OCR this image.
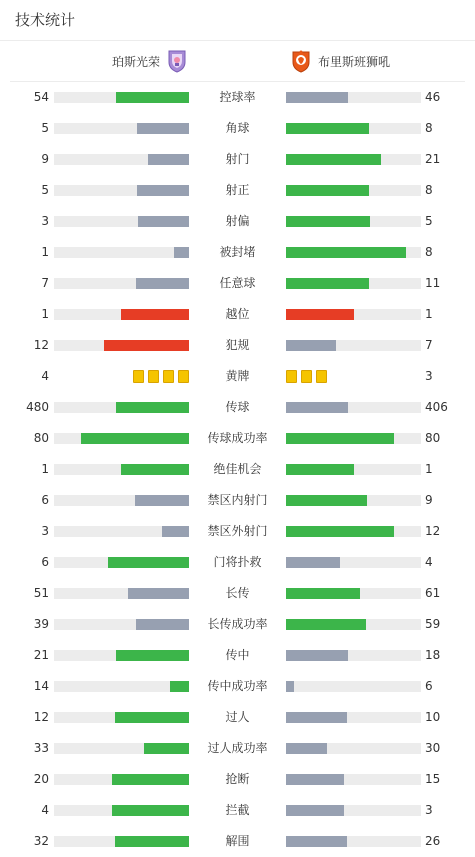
技术统计
珀斯光荣	布里斯班狮吼
54	控球率	46
5	角球	8
9	射门	21
5	射正	8
3	射偏	5
1	被封堵	8
7	任意球	11
1	越位	1
12	犯规	7
4	黄牌	3
480	传球	406
80	传球成功率	80
1	绝佳机会	1
6	禁区内射门	9
3	禁区外射门	12
6	门将扑救	4
51	长传	61
39	长传成功率	59
21	传中	18
14	传中成功率	6
12	过人	10
33	过人成功率	30
20	抢断	15
4	拦截	3
32	解围	26
